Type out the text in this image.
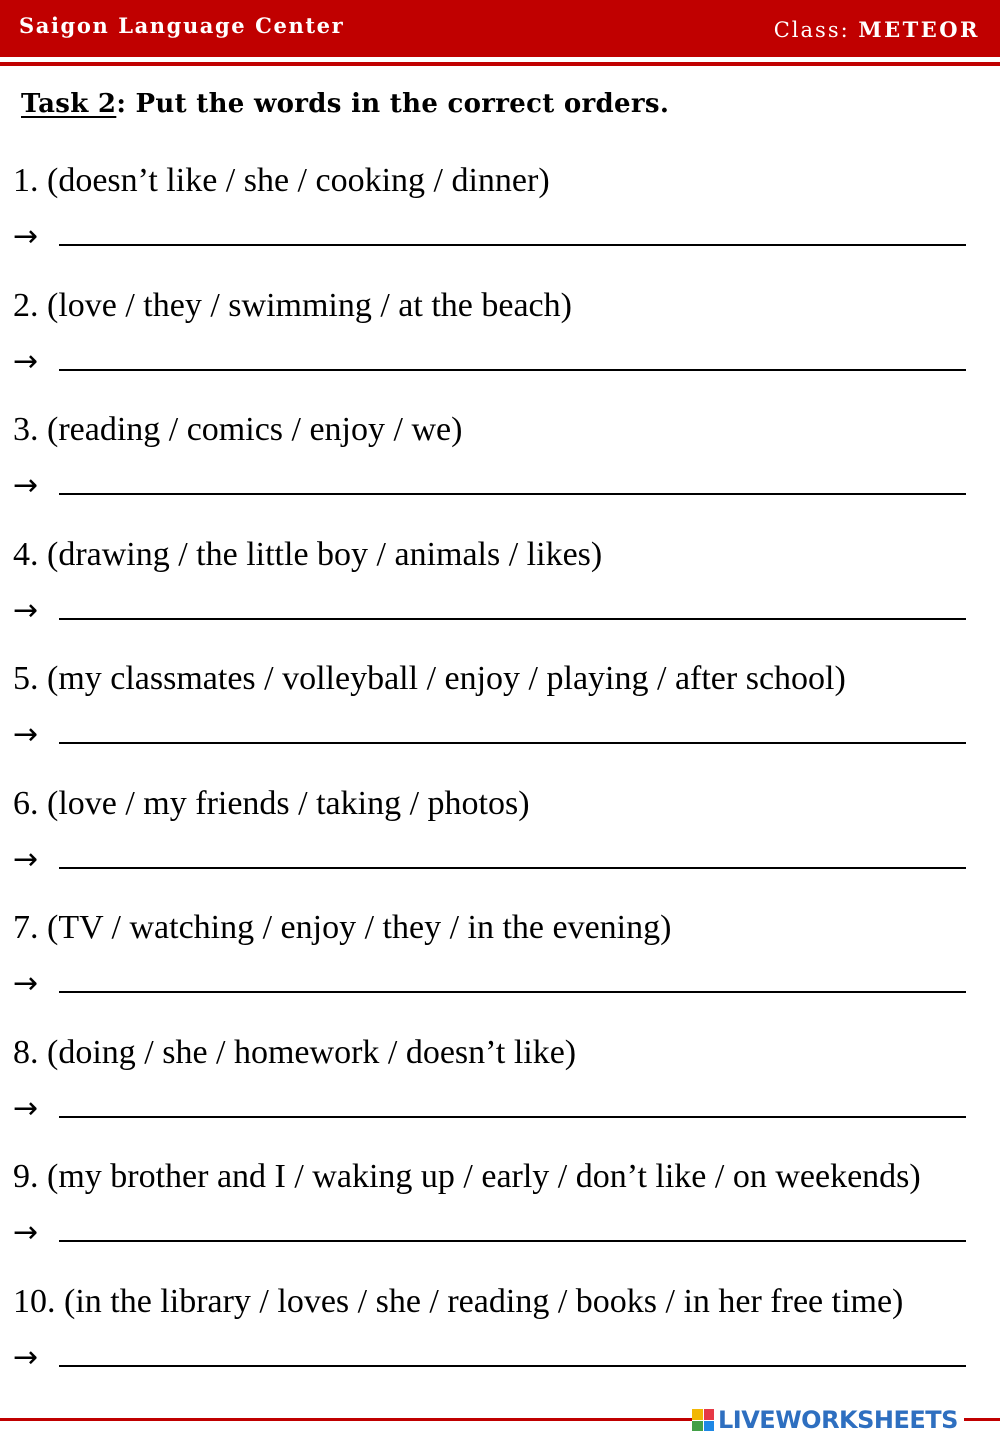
Saigon Language Center	Class: METEOR
Task 2: Put the words in the correct orders.
1. (doesn’t like / she / cooking / dinner)
→
2. (love / they / swimming / at the beach)
→
3. (reading / comics / enjoy / we)
→
4. (drawing / the little boy / animals / likes)
→
5. (my classmates / volleyball / enjoy / playing / after school)
→
6. (love / my friends / taking / photos)
→
7. (TV / watching / enjoy / they / in the evening)
→
8. (doing / she / homework / doesn’t like)
→
9. (my brother and I / waking up / early / don’t like / on weekends)
→
10. (in the library / loves / she / reading / books / in her free time)
→
LIVEWORKSHEETS
